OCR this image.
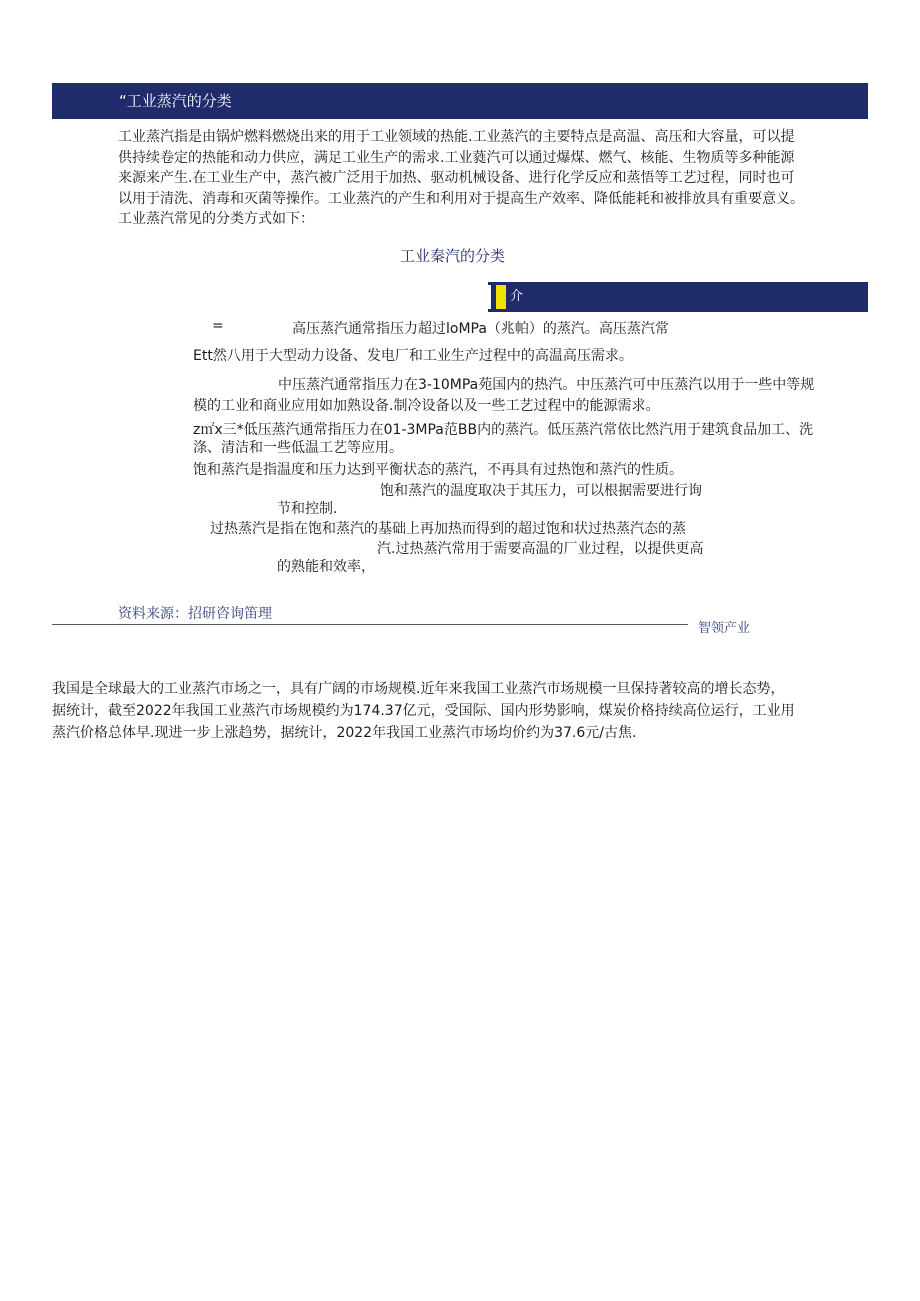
“工业蒸汽的分类
工业蒸汽指是由锅炉燃料燃烧出来的用于工业领域的热能.工业蒸汽的主要特点是高温、高压和大容量，可以提
供持续卷定的热能和动力供应，满足工业生产的需求.工业蕤汽可以通过爆煤、燃气、核能、生物质等多种能源
来源来产生.在工业生产中，蒸汽被广泛用于加热、驱动机械设备、进行化学反应和蒸悟等工艺过程，同时也可
以用于清洗、消毒和灭菌等操作。工业蒸汽的产生和利用对于提高生产效率、降低能耗和被排放具有重要意义。
工业蒸汽常见的分类方式如下：
工业秦汽的分类
介
=	高压蒸汽通常指压力超过loMPa（兆帕）的蒸汽。高压蒸汽常
Ett然八用于大型动力设备、发电厂和工业生产过程中的高温高压需求。
中压蒸汽通常指压力在3-10MPa苑国内的热汽。中压蒸汽可中压蒸汽以用于一些中等规
模的工业和商业应用如加熟设备.制冷设备以及一些工艺过程中的能源需求。
z㎡x三*低压蒸汽通常指压力在01-3MPa范BB内的蒸汽。低压蒸汽常依比然汽用于建筑食品加工、洗
涤、清洁和一些低温工艺等应用。
饱和蒸汽是指温度和压力达到平衡状态的蒸汽，不再具有过热饱和蒸汽的性质。
饱和蒸汽的温度取决于其压力，可以根据需要进行询
节和控制.
过热蒸汽是指在饱和蒸汽的基础上再加热而得到的超过饱和状过热蒸汽态的蒸
汽.过热蒸汽常用于需要高温的厂业过程，以提供更高
的熟能和效率，
资料来源：招研咨询笛理
智领产业
我国是全球最大的工业蒸汽市场之一，具有广阔的市场规模.近年来我国工业蒸汽市场规模一旦保持著较高的增长态势，
据统计，截至2022年我国工业蒸汽市场规模约为174.37亿元，受国际、国内形势影响，煤炭价格持续高位运行，工业用
蒸汽价格总体早.现进一步上涨趋势，据统计，2022年我国工业蒸汽市场均价约为37.6元/古焦.
